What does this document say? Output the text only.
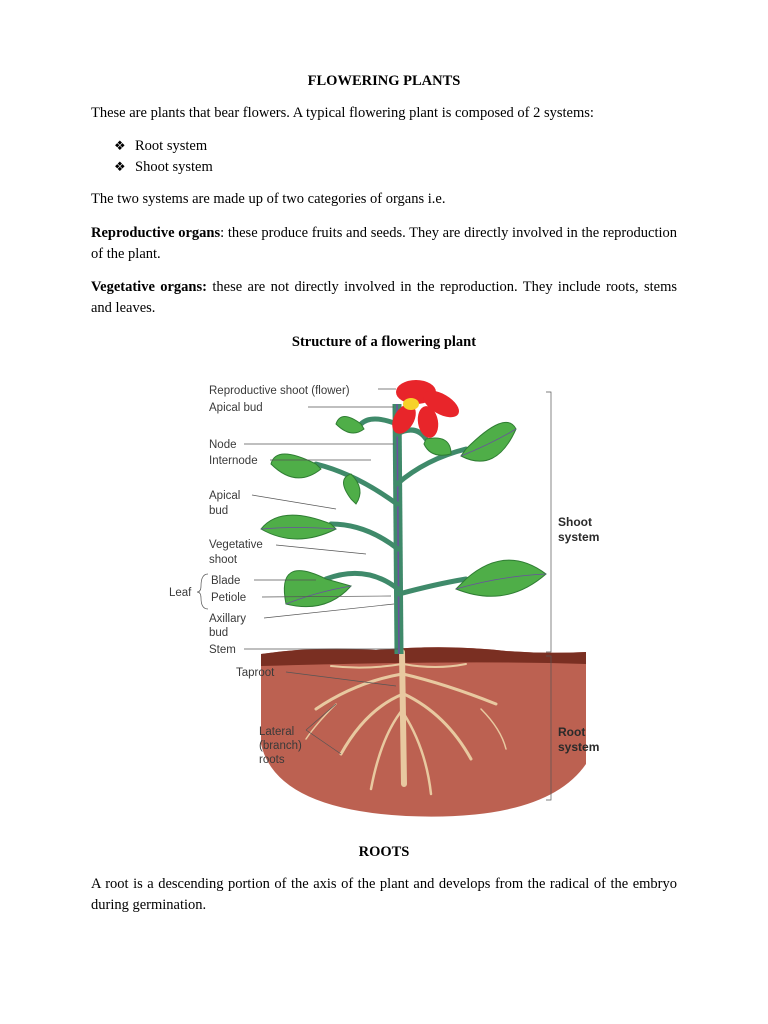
FLOWERING PLANTS
These are plants that bear flowers. A typical flowering plant is composed of 2 systems:
❖ Root system
❖ Shoot system
The two systems are made up of two categories of organs i.e.
Reproductive organs: these produce fruits and seeds. They are directly involved in the reproduction of the plant.
Vegetative organs: these are not directly involved in the reproduction. They include roots, stems and leaves.
Structure of a flowering plant
Reproductive shoot (flower)
Apical bud
Node
Internode
Apical
bud
Vegetative
shoot
Leaf
Blade
Petiole
Axillary
bud
Stem
Taproot
Lateral
(branch)
roots
Shoot
system
Root
system
ROOTS
A root is a descending portion of the axis of the plant and develops from the radical of the embryo during germination.
